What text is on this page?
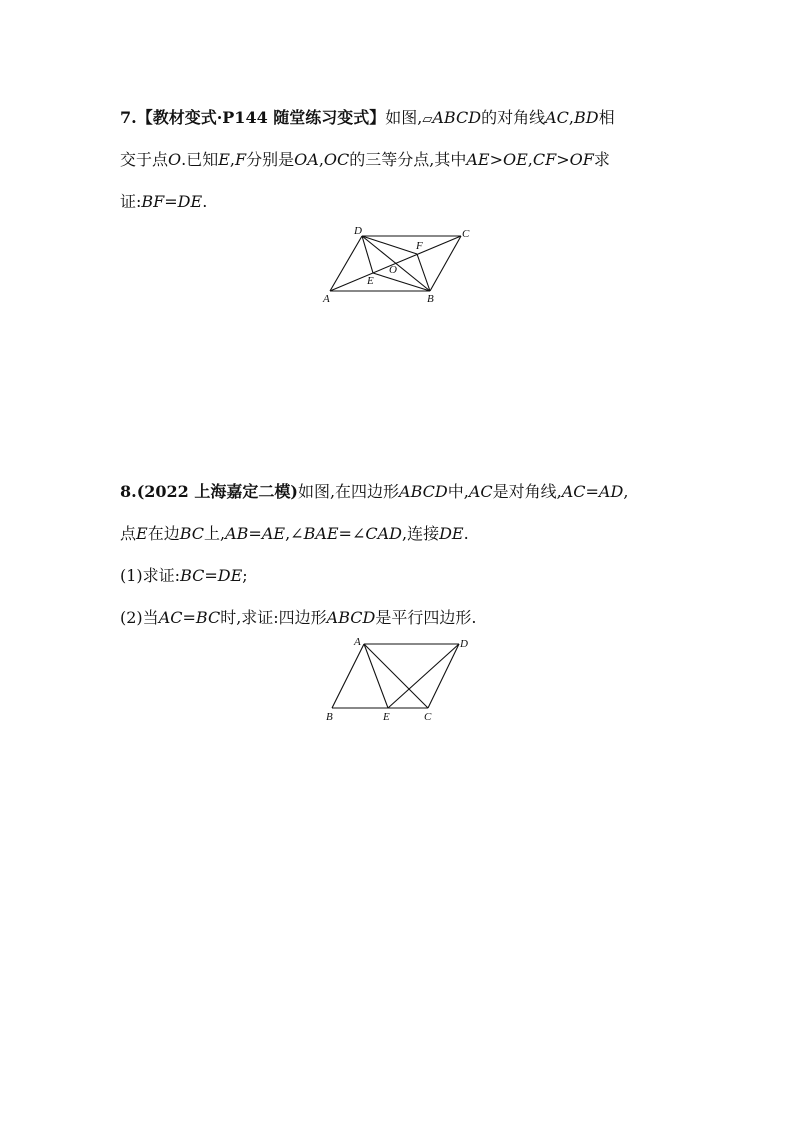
7.【教材变式·P144 随堂练习变式】如图,▱ABCD的对角线AC,BD相
交于点O.已知E,F分别是OA,OC的三等分点,其中AE>OE,CF>OF求
证:BF=DE.
A	B
C
D
E
F
O
8.(2022 上海嘉定二模)如图,在四边形ABCD中,AC是对角线,AC=AD,
点E在边BC上,AB=AE,∠BAE=∠CAD,连接DE.
(1)求证:BC=DE;
(2)当AC=BC时,求证:四边形ABCD是平行四边形.
A
B	C
D
E
